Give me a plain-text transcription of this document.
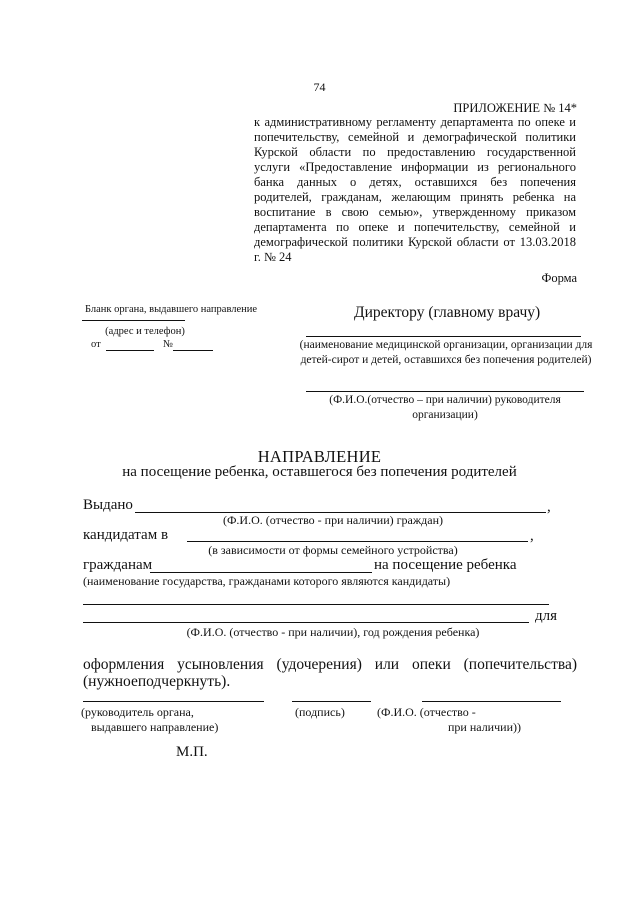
74
ПРИЛОЖЕНИЕ № 14*
к административному регламенту департамента по опеке и попечительству, семейной и демографической политики Курской области по предоставлению государственной услуги «Предоставление информации из регионального банка данных о детях, оставшихся без попечения родителей, гражданам, желающим принять ребенка на воспитание в свою семью», утвержденному приказом департамента по опеке и попечительству, семейной и демографической политики Курской области от 13.03.2018 г. № 24
Форма
Бланк органа, выдавшего направление
(адрес и телефон)
от	№
Директору (главному врачу)
(наименование медицинской организации, организации для детей-сирот и детей, оставшихся без попечения родителей)
(Ф.И.О.(отчество – при наличии) руководителя организации)
НАПРАВЛЕНИЕ
на посещение ребенка, оставшегося без попечения родителей
Выдано	,
(Ф.И.О. (отчество - при наличии) граждан)
кандидатам в	,
(в зависимости от формы семейного устройства)
гражданам	на посещение ребенка
(наименование государства, гражданами которого являются кандидаты)
для
(Ф.И.О. (отчество - при наличии), год рождения ребенка)
оформления усыновления (удочерения) или опеки (попечительства)
(нужноеподчеркнуть).
(руководитель органа,
выдавшего направление)
(подпись)	(Ф.И.О. (отчество -
при наличии))
М.П.
